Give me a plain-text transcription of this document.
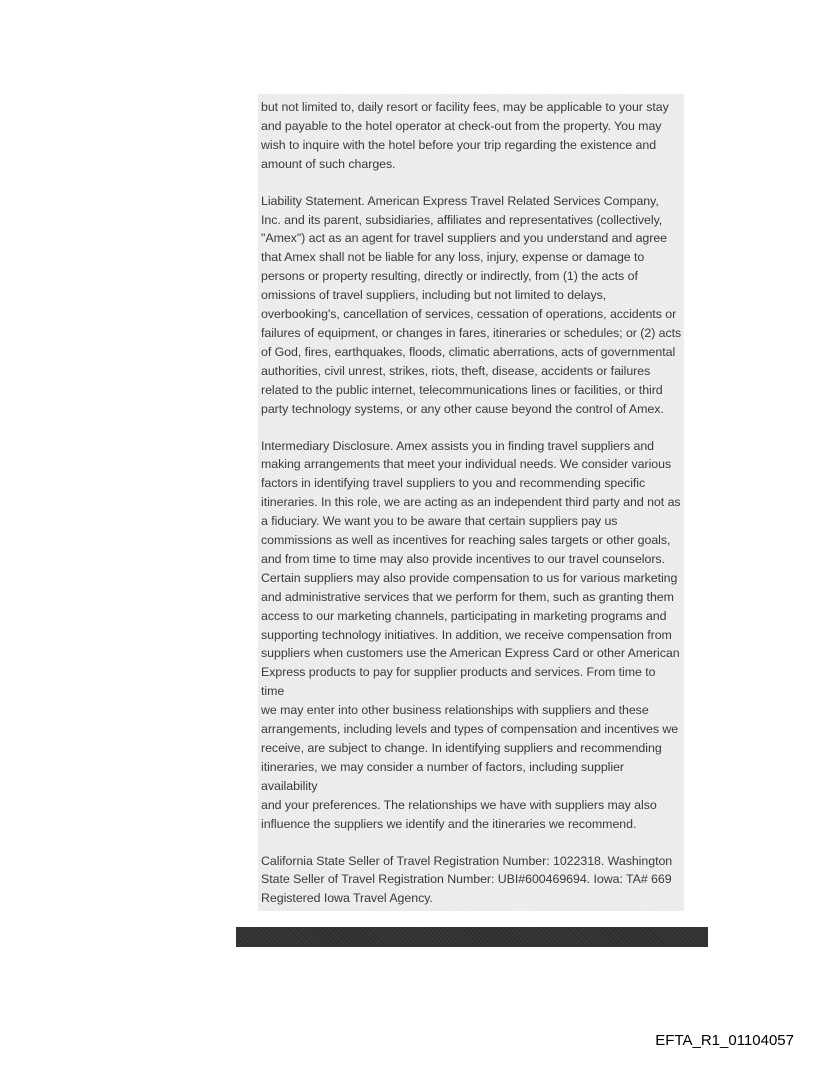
but not limited to, daily resort or facility fees, may be applicable to your stay
and payable to the hotel operator at check-out from the property. You may
wish to inquire with the hotel before your trip regarding the existence and
amount of such charges.

Liability Statement. American Express Travel Related Services Company,
Inc. and its parent, subsidiaries, affiliates and representatives (collectively,
"Amex") act as an agent for travel suppliers and you understand and agree
that Amex shall not be liable for any loss, injury, expense or damage to
persons or property resulting, directly or indirectly, from (1) the acts of
omissions of travel suppliers, including but not limited to delays,
overbooking's, cancellation of services, cessation of operations, accidents or
failures of equipment, or changes in fares, itineraries or schedules; or (2) acts
of God, fires, earthquakes, floods, climatic aberrations, acts of governmental
authorities, civil unrest, strikes, riots, theft, disease, accidents or failures
related to the public internet, telecommunications lines or facilities, or third
party technology systems, or any other cause beyond the control of Amex.

Intermediary Disclosure. Amex assists you in finding travel suppliers and
making arrangements that meet your individual needs. We consider various
factors in identifying travel suppliers to you and recommending specific
itineraries. In this role, we are acting as an independent third party and not as
a fiduciary. We want you to be aware that certain suppliers pay us
commissions as well as incentives for reaching sales targets or other goals,
and from time to time may also provide incentives to our travel counselors.
Certain suppliers may also provide compensation to us for various marketing
and administrative services that we perform for them, such as granting them
access to our marketing channels, participating in marketing programs and
supporting technology initiatives. In addition, we receive compensation from
suppliers when customers use the American Express Card or other American
Express products to pay for supplier products and services. From time to time
we may enter into other business relationships with suppliers and these
arrangements, including levels and types of compensation and incentives we
receive, are subject to change. In identifying suppliers and recommending
itineraries, we may consider a number of factors, including supplier availability
and your preferences. The relationships we have with suppliers may also
influence the suppliers we identify and the itineraries we recommend.

California State Seller of Travel Registration Number: 1022318. Washington
State Seller of Travel Registration Number: UBI#600469694. Iowa: TA# 669
Registered Iowa Travel Agency.

EFTA_R1_01104057
